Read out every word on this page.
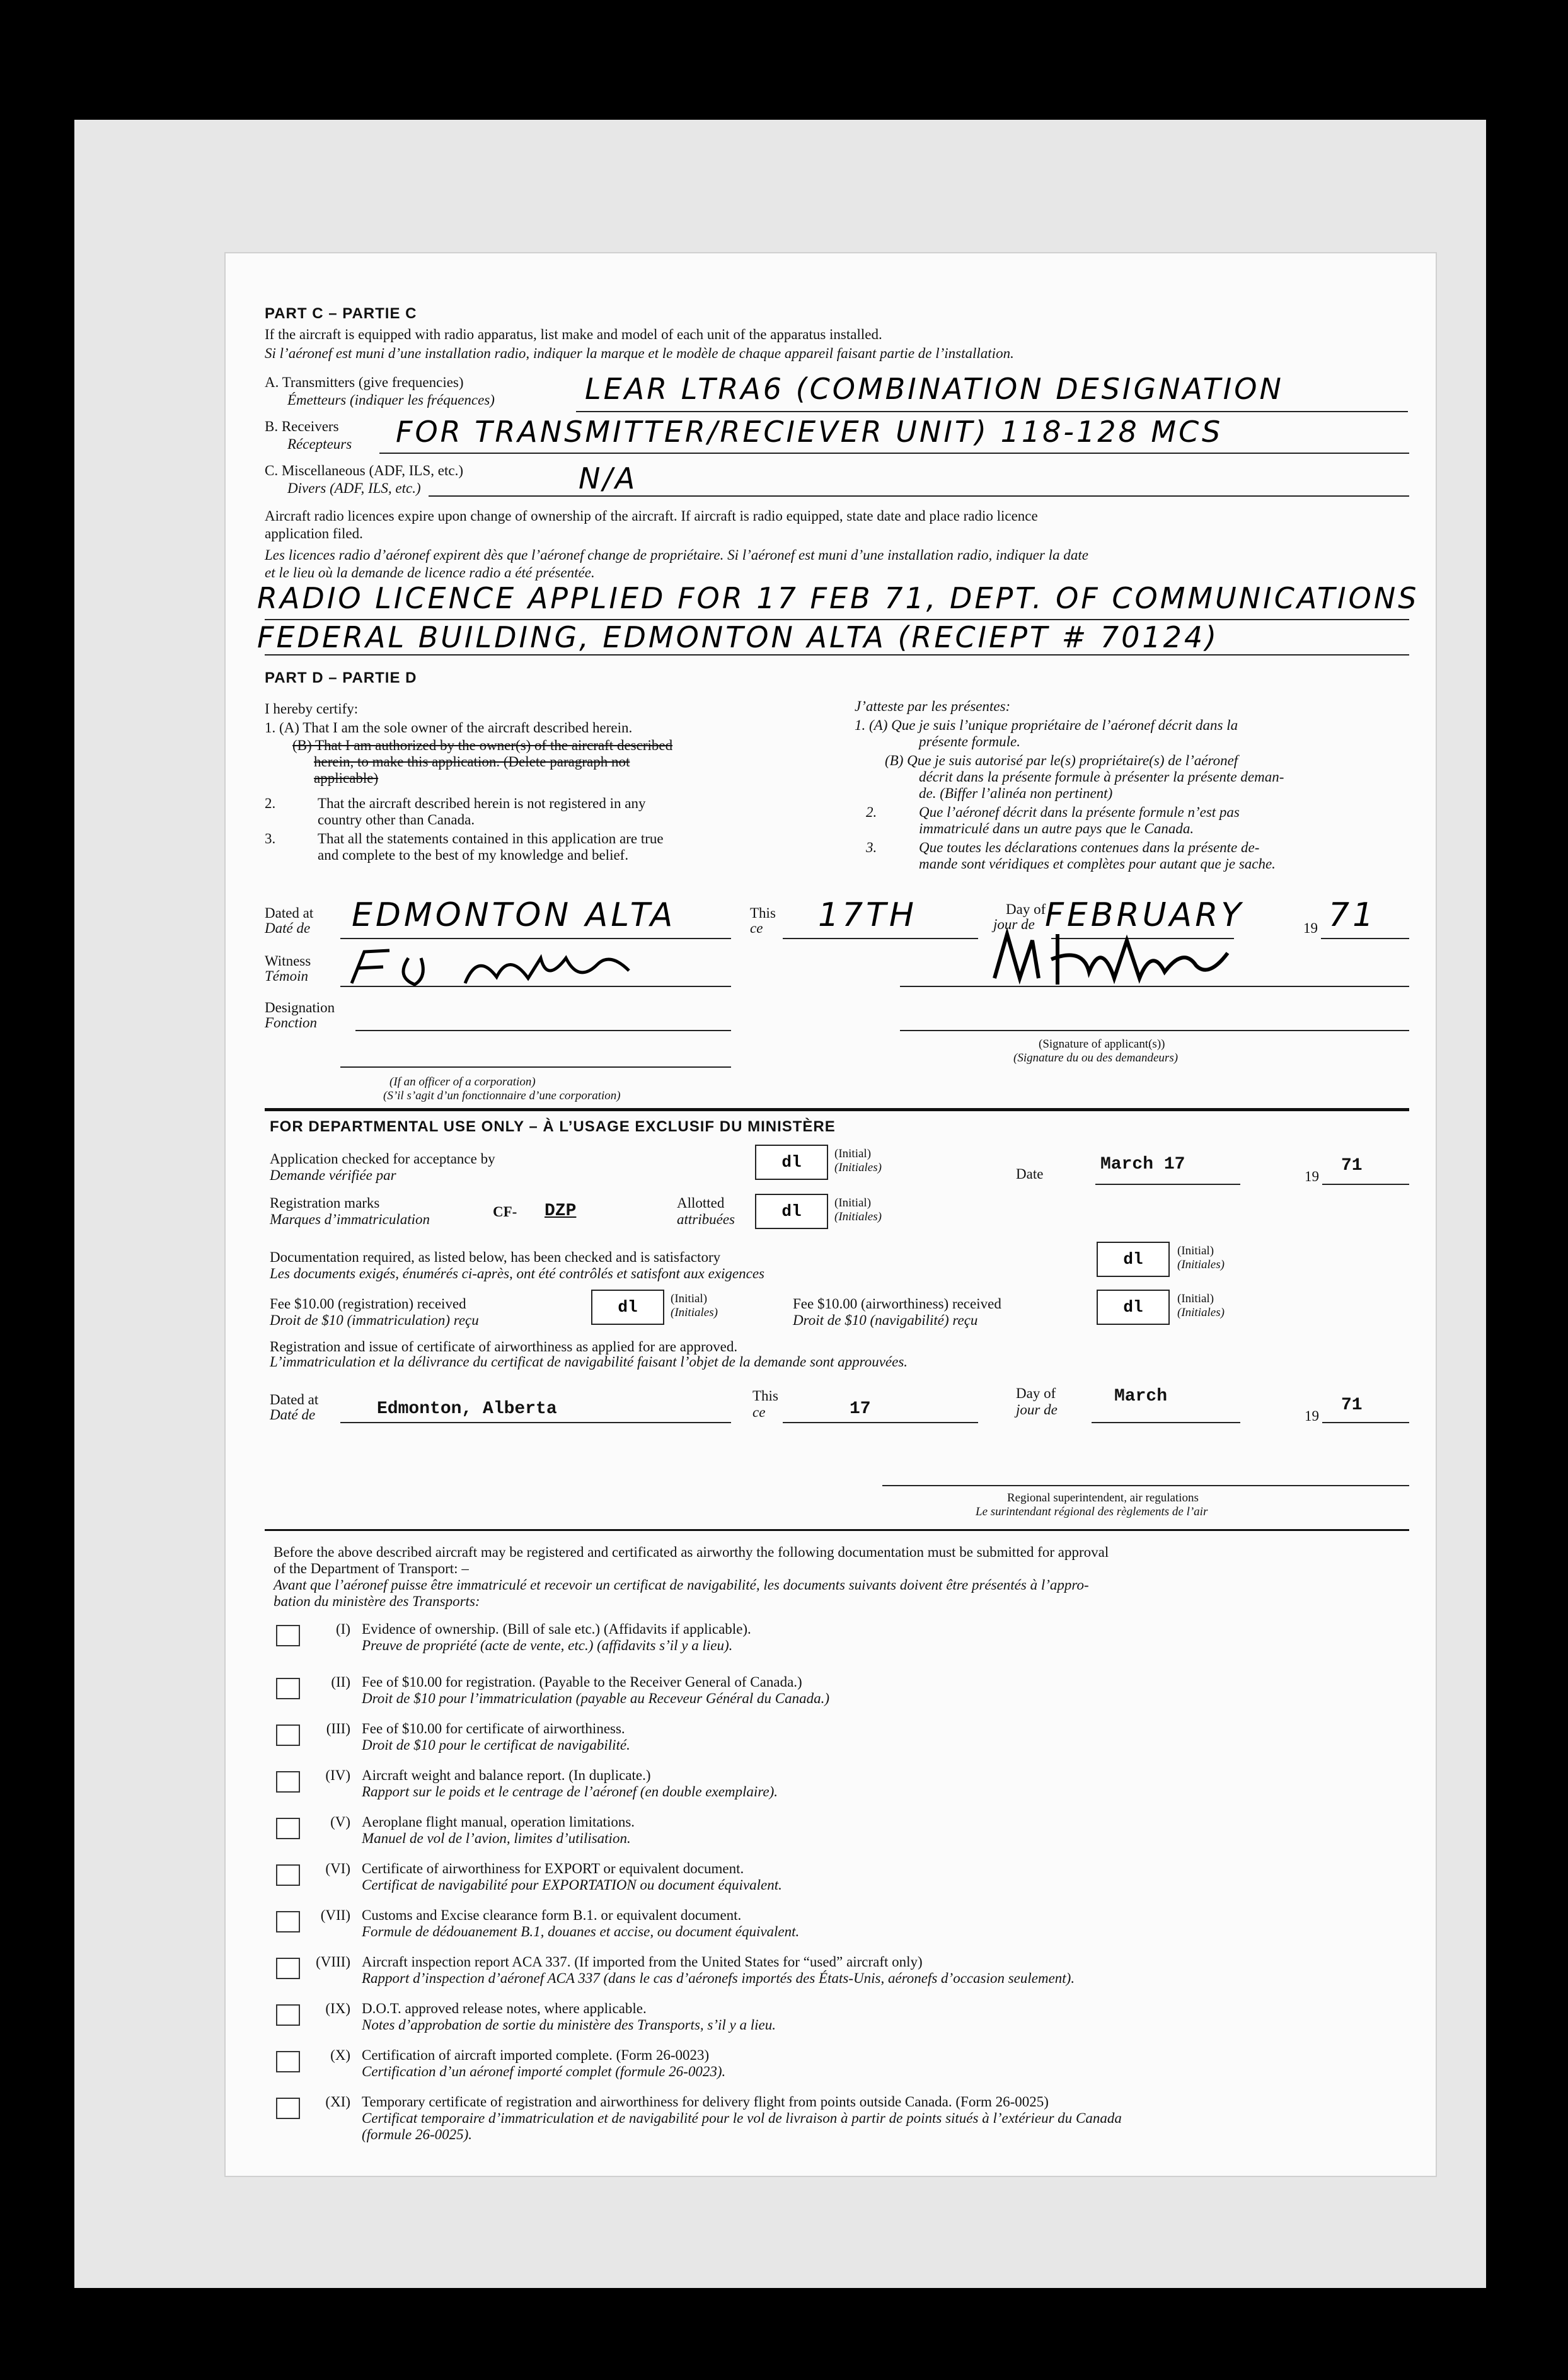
PART C – PARTIE C
If the aircraft is equipped with radio apparatus, list make and model of each unit of the apparatus installed.
Si l’aéronef est muni d’une installation radio, indiquer la marque et le modèle de chaque appareil faisant partie de l’installation.
A. Transmitters (give frequencies)
Émetteurs (indiquer les fréquences)	LEAR LTRA6 (COMBINATION DESIGNATION
B. Receivers
Récepteurs FOR TRANSMITTER/RECIEVER UNIT) 118-128 MCS
C. Miscellaneous (ADF, ILS, etc.)
Divers (ADF, ILS, etc.)	N/A
Aircraft radio licences expire upon change of ownership of the aircraft. If aircraft is radio equipped, state date and place radio licence
application filed.
Les licences radio d’aéronef expirent dès que l’aéronef change de propriétaire. Si l’aéronef est muni d’une installation radio, indiquer la date
et le lieu où la demande de licence radio a été présentée.
RADIO LICENCE APPLIED FOR 17 FEB 71, DEPT. OF COMMUNICATIONS
FEDERAL BUILDING, EDMONTON ALTA (RECIEPT # 70124)
PART D – PARTIE D
I hereby certify:
1. (A) That I am the sole owner of the aircraft described herein.
(B) That I am authorized by the owner(s) of the aircraft described
herein, to make this application. (Delete paragraph not
applicable)
2.	That the aircraft described herein is not registered in any
country other than Canada.
3.	That all the statements contained in this application are true
and complete to the best of my knowledge and belief.
J’atteste par les présentes:
1. (A) Que je suis l’unique propriétaire de l’aéronef décrit dans la
présente formule.
(B) Que je suis autorisé par le(s) propriétaire(s) de l’aéronef
décrit dans la présente formule à présenter la présente deman-
de. (Biffer l’alinéa non pertinent)
2.	Que l’aéronef décrit dans la présente formule n’est pas
immatriculé dans un autre pays que le Canada.
3.	Que toutes les déclarations contenues dans la présente de-
mande sont véridiques et complètes pour autant que je sache.
Dated at
Daté de EDMONTON ALTA	This
ce 17TH	Day of
jour de FEBRUARY	19 71
Witness
Témoin
Designation
Fonction
(Signature of applicant(s))
(Signature du ou des demandeurs)
(If an officer of a corporation)
(S’il s’agit d’un fonctionnaire d’une corporation)
FOR DEPARTMENTAL USE ONLY – À L’USAGE EXCLUSIF DU MINISTÈRE
Application checked for acceptance by
Demande vérifiée par
dl	(Initial)
(Initiales)	Date	March 17
19
71
Registration marks
Marques d’immatriculation	CF- DZP	Allotted
attribuées	dl	(Initial)
(Initiales)
Documentation required, as listed below, has been checked and is satisfactory
Les documents exigés, énumérés ci-après, ont été contrôlés et satisfont aux exigences
dl	(Initial)
(Initiales)
Fee $10.00 (registration) received
Droit de $10 (immatriculation) reçu
dl	(Initial)
(Initiales)
Fee $10.00 (airworthiness) received
Droit de $10 (navigabilité) reçu
dl	(Initial)
(Initiales)
Registration and issue of certificate of airworthiness as applied for are approved.
L’immatriculation et la délivrance du certificat de navigabilité faisant l’objet de la demande sont approuvées.
Dated at
Daté de	Edmonton, Alberta
This
ce	17
Day of
jour de
March
19
71
Regional superintendent, air regulations
Le surintendant régional des règlements de l’air
Before the above described aircraft may be registered and certificated as airworthy the following documentation must be submitted for approval
of the Department of Transport: –
Avant que l’aéronef puisse être immatriculé et recevoir un certificat de navigabilité, les documents suivants doivent être présentés à l’appro-
bation du ministère des Transports:
(I) Evidence of ownership. (Bill of sale etc.) (Affidavits if applicable).
Preuve de propriété (acte de vente, etc.) (affidavits s’il y a lieu).
(II) Fee of $10.00 for registration. (Payable to the Receiver General of Canada.)
Droit de $10 pour l’immatriculation (payable au Receveur Général du Canada.)
(III) Fee of $10.00 for certificate of airworthiness.
Droit de $10 pour le certificat de navigabilité.
(IV) Aircraft weight and balance report. (In duplicate.)
Rapport sur le poids et le centrage de l’aéronef (en double exemplaire).
(V) Aeroplane flight manual, operation limitations.
Manuel de vol de l’avion, limites d’utilisation.
(VI) Certificate of airworthiness for EXPORT or equivalent document.
Certificat de navigabilité pour EXPORTATION ou document équivalent.
(VII) Customs and Excise clearance form B.1. or equivalent document.
Formule de dédouanement B.1, douanes et accise, ou document équivalent.
(VIII) Aircraft inspection report ACA 337. (If imported from the United States for “used” aircraft only)
Rapport d’inspection d’aéronef ACA 337 (dans le cas d’aéronefs importés des États-Unis, aéronefs d’occasion seulement).
(IX) D.O.T. approved release notes, where applicable.
Notes d’approbation de sortie du ministère des Transports, s’il y a lieu.
(X) Certification of aircraft imported complete. (Form 26-0023)
Certification d’un aéronef importé complet (formule 26-0023).
(XI) Temporary certificate of registration and airworthiness for delivery flight from points outside Canada. (Form 26-0025)
Certificat temporaire d’immatriculation et de navigabilité pour le vol de livraison à partir de points situés à l’extérieur du Canada
(formule 26-0025).
